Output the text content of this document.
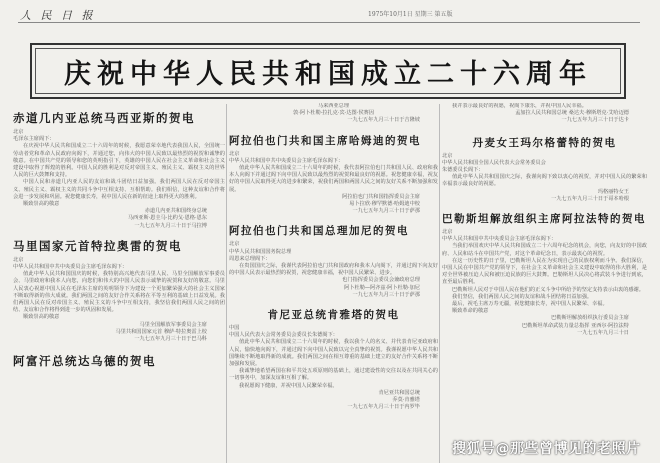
人 民 日 报	1975年10月1日 星期三 第五版
庆祝中华人民共和国成立二十六周年
赤道几内亚总统马西亚斯的贺电

北京

毛泽东主席阁下：

在庆祝中华人民共和国成立二十六周年的时候，我愿意荣幸地代表我国人民，全国统一劳动者党和革命人民政府向阁下，并通过您，向伟大的中国人民致以最热烈的祝贺和诚挚的敬意。在中国共产党的领导和您的英明指引下，英雄的中国人民在社会主义革命和社会主义建设中取得了辉煌的胜利。中国人民的胜利是对反对帝国主义、殖民主义、霸权主义的世界人民的巨大鼓舞和支持。

中国人民和赤道几内亚人民的友谊和战斗团结日益加强。我们两国人民在反对帝国主义、殖民主义、霸权主义的共同斗争中互相支持、互相帮助。我们相信，这种友谊和合作将会进一步发展和巩固。祝您健康长寿，祝中国人民在新的征途上取得更大的胜利。

顺致崇高的敬意

赤道几内亚共和国终身总统

马西亚斯·恩圭马·比约戈·恩格·恩东

一九七五年九月三十日于马拉博

马里国家元首特拉奥雷的贺电

北京

中华人民共和国中共中央委员会主席毛泽东阁下：

值此中华人民共和国国庆的时候，我特别高兴地代表马里人民、马里全国解放军事委员会、马里政府和我本人向您，向您们和伟大的中国人民表示诚挚的祝贺和友好的敬意。马里人民衷心祝愿中国人民在毛泽东主席的英明领导下为建设一个更加繁荣强大的社会主义国家不断取得新的伟大成就。我们两国之间的友好合作关系将在平等互利的基础上日益发展。我们两国人民在反对帝国主义、殖民主义的斗争中互相支持，我坚信我们两国人民之间的团结、友谊和合作将得到进一步的巩固和发展。

顺致崇高的敬意

马里全国解放军事委员会主席

马里共和国国家元首 穆萨·特拉奥雷上校

一九七五年九月三十日于巴马科

阿富汗总统达乌德的贺电

马来西亚总理

敦·阿卜杜勒·拉扎克·宾·达图·侯赛因

一九七五年九月三十日于吉隆坡

阿拉伯也门共和国主席哈姆迪的贺电

北京

中华人民共和国中共中央委员会主席毛泽东阁下：

值此中华人民共和国成立二十六周年的时候，我代表阿拉伯也门共和国人民、政府和我本人向阁下并通过阁下向中国人民致以最热烈的祝贺和最良好的祝愿。祝您健康幸福，祝友好的中国人民取得更大的进步和繁荣，祝我们两国和两国人民之间的友好关系不断加强和发展。

阿拉伯也门共和国指挥委员会主席

易卜拉欣·穆罕默德·哈姆迪中校

一九七五年九月三十日于萨那

阿拉伯也门共和国总理加尼的贺电

北京

中华人民共和国国务院总理

周恩来总理阁下：

在贵国国庆之际，我谨代表阿拉伯也门共和国政府和我本人向阁下，并通过阁下向友好的中国人民表示最热烈的祝贺，祝您健康幸福，祝中国人民繁荣、进步。

也门指挥委员会委员会兼政府总理

阿卜杜勒—阿齐兹·阿卜杜勒·加尼

一九七五年九月三十日于萨那

肯尼亚总统肯雅塔的贺电

中国

中国人民代表大会常务委员会委员长朱德阁下：

值此中华人民共和国成立二十六周年的时候，我以我个人的名义、并代表肯尼亚政府和人民，愉快地向阁下，并通过阁下向中国人民致以完全真挚的祝贺。我谨祝愿中华人民共和国继续不断地取得新的成就。我们两国之间在相互尊重的基础上建立的友好合作关系将不断加强和发展。

我诚挚地希望两国在和平共处五项原则的基础上，通过建设性的交往以及在共同关心的一切事务中，加深友谊和互相了解。

我祝愿阁下健康，并祝中国人民繁荣幸福。

肯尼亚共和国总统

乔莫·肯雅塔

一九七五年九月三十日于内罗毕

我并表示最良好的祝愿，祝阁下康乐，并祝中国人民幸福。

孟加拉人民共和国总统 桑达夫·穆斯塔克·艾哈迈德

一九七五年九月三十日于达卡

丹麦女王玛尔格蕾特的贺电

北京

中华人民共和国全国人民代表大会常务委员会

朱德委员长阁下：

值此中华人民共和国国庆之际，我谨向阁下致以衷心的祝贺，并对中国人民的繁荣和幸福表示最良好的祝愿。

玛格丽特女王

一九七五年九月三十日于哥本哈根

巴勒斯坦解放组织主席阿拉法特的贺电

北京

中华人民共和国中共中央委员会主席毛泽东阁下：

当我们举国欢庆中华人民共和国成立二十六周年纪念的机会，向您，向友好的中国政府、人民和站斗在中国共产党，对这个革命纪念日，表示最衷心的祝贺。

在这一历史性的日子里，巴勒斯坦人民在为实现自己的民族权利而斗争。我们深信，中国人民在中国共产党的领导下，在社会主义革命和社会主义建设中取得的伟大胜利，是对全世界被压迫人民和被压迫民族的巨大鼓舞。巴勒斯坦人民决心将武装斗争进行到底，直至最后胜利。

巴勒斯坦人民对于中国人民在他们的正义斗争中所给予的坚定支持表示由衷的感谢。

我们坚信，我们两国人民之间的友谊和战斗团结将日益加强。

最后，祝毛主席万寿无疆，祝您健康长寿，祝中国人民繁荣、幸福。

顺致革命的敬意

巴勒斯坦解放组织执行委员会主席

巴勒斯坦革命武装力量总指挥 亚西尔·阿拉法特

一九七五年九月三十日

搜狐号@那些曾博见的老照片
